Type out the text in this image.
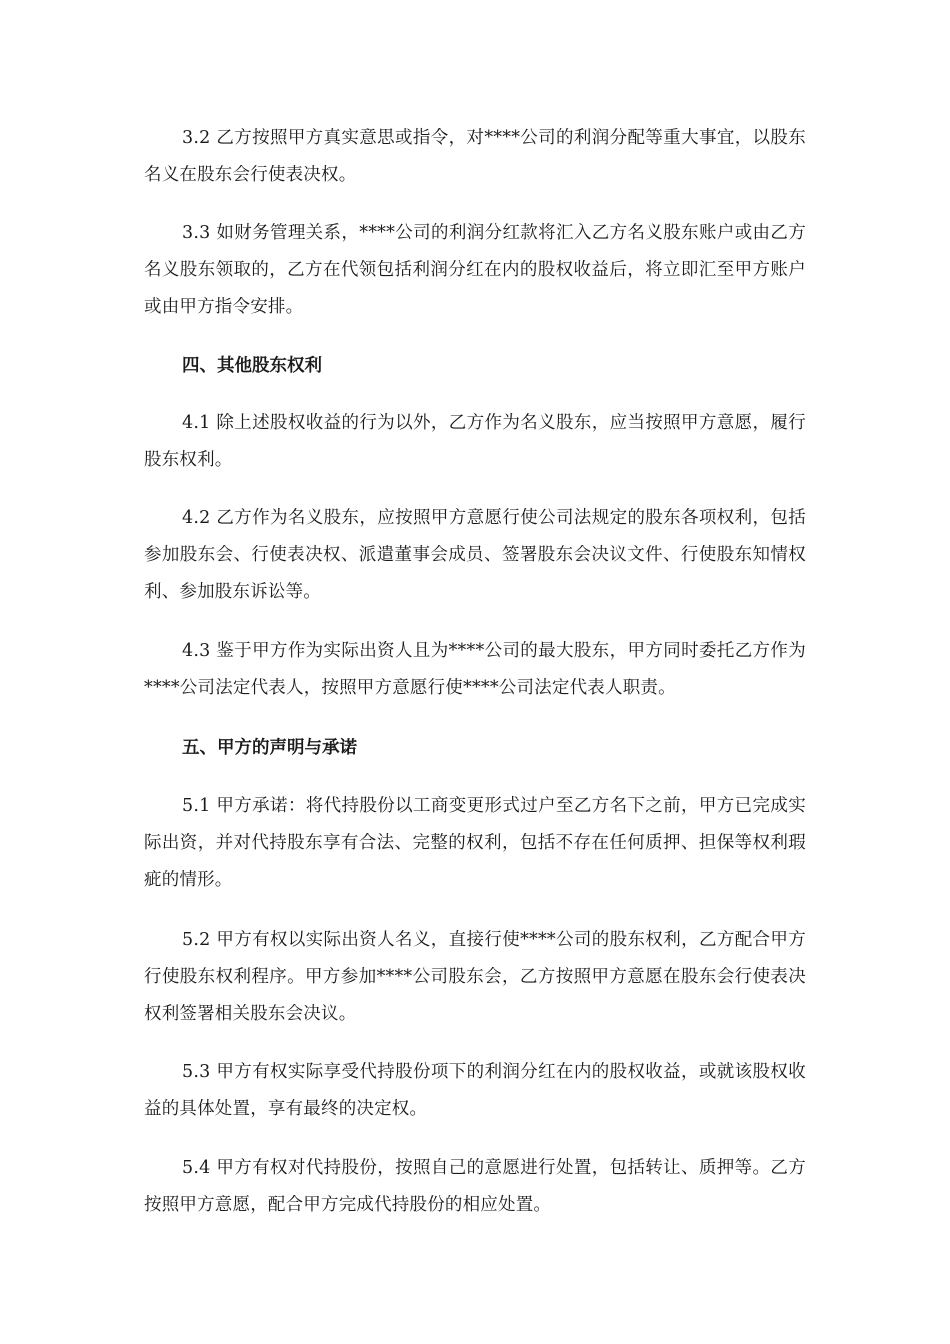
3.2 乙方按照甲方真实意思或指令，对****公司的利润分配等重大事宜，以股东名义在股东会行使表决权。

3.3 如财务管理关系，****公司的利润分红款将汇入乙方名义股东账户或由乙方名义股东领取的，乙方在代领包括利润分红在内的股权收益后，将立即汇至甲方账户或由甲方指令安排。

四、其他股东权利

4.1 除上述股权收益的行为以外，乙方作为名义股东，应当按照甲方意愿，履行股东权利。

4.2 乙方作为名义股东，应按照甲方意愿行使公司法规定的股东各项权利，包括参加股东会、行使表决权、派遣董事会成员、签署股东会决议文件、行使股东知情权利、参加股东诉讼等。

4.3 鉴于甲方作为实际出资人且为****公司的最大股东，甲方同时委托乙方作为****公司法定代表人，按照甲方意愿行使****公司法定代表人职责。

五、甲方的声明与承诺

5.1 甲方承诺：将代持股份以工商变更形式过户至乙方名下之前，甲方已完成实际出资，并对代持股东享有合法、完整的权利，包括不存在任何质押、担保等权利瑕疵的情形。

5.2 甲方有权以实际出资人名义，直接行使****公司的股东权利，乙方配合甲方行使股东权利程序。甲方参加****公司股东会，乙方按照甲方意愿在股东会行使表决权利签署相关股东会决议。

5.3 甲方有权实际享受代持股份项下的利润分红在内的股权收益，或就该股权收益的具体处置，享有最终的决定权。

5.4 甲方有权对代持股份，按照自己的意愿进行处置，包括转让、质押等。乙方按照甲方意愿，配合甲方完成代持股份的相应处置。
